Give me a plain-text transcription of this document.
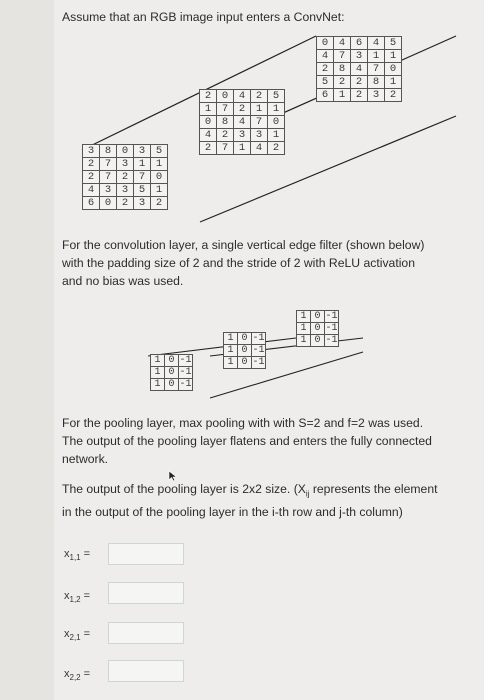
Assume that an RGB image input enters a ConvNet:

0	4	6	4	5
4	7	3	1	1
2	8	4	7	0
5	2	2	8	1
6	1	2	3	2
2	0	4	2	5
1	7	2	1	1
0	8	4	7	0
4	2	3	3	1
2	7	1	4	2
3	8	0	3	5
2	7	3	1	1
2	7	2	7	0
4	3	3	5	1
6	0	2	3	2

For the convolution layer, a single vertical edge filter (shown below) with the padding size of 2 and the stride of 2 with ReLU activation and no bias was used.

1	0	-1
1	0	-1
1	0	-1
1	0	-1
1	0	-1
1	0	-1
1	0	-1
1	0	-1
1	0	-1

For the pooling layer, max pooling with with S=2 and f=2 was used. The output of the pooling layer flatens and enters the fully connected network.

The output of the pooling layer is 2x2 size. ($X_{ij}$ represents the element in the output of the pooling layer in the i-th row and j-th column)

$x_{1,1}$ =
$x_{1,2}$ =
$x_{2,1}$ =
$x_{2,2}$ =
